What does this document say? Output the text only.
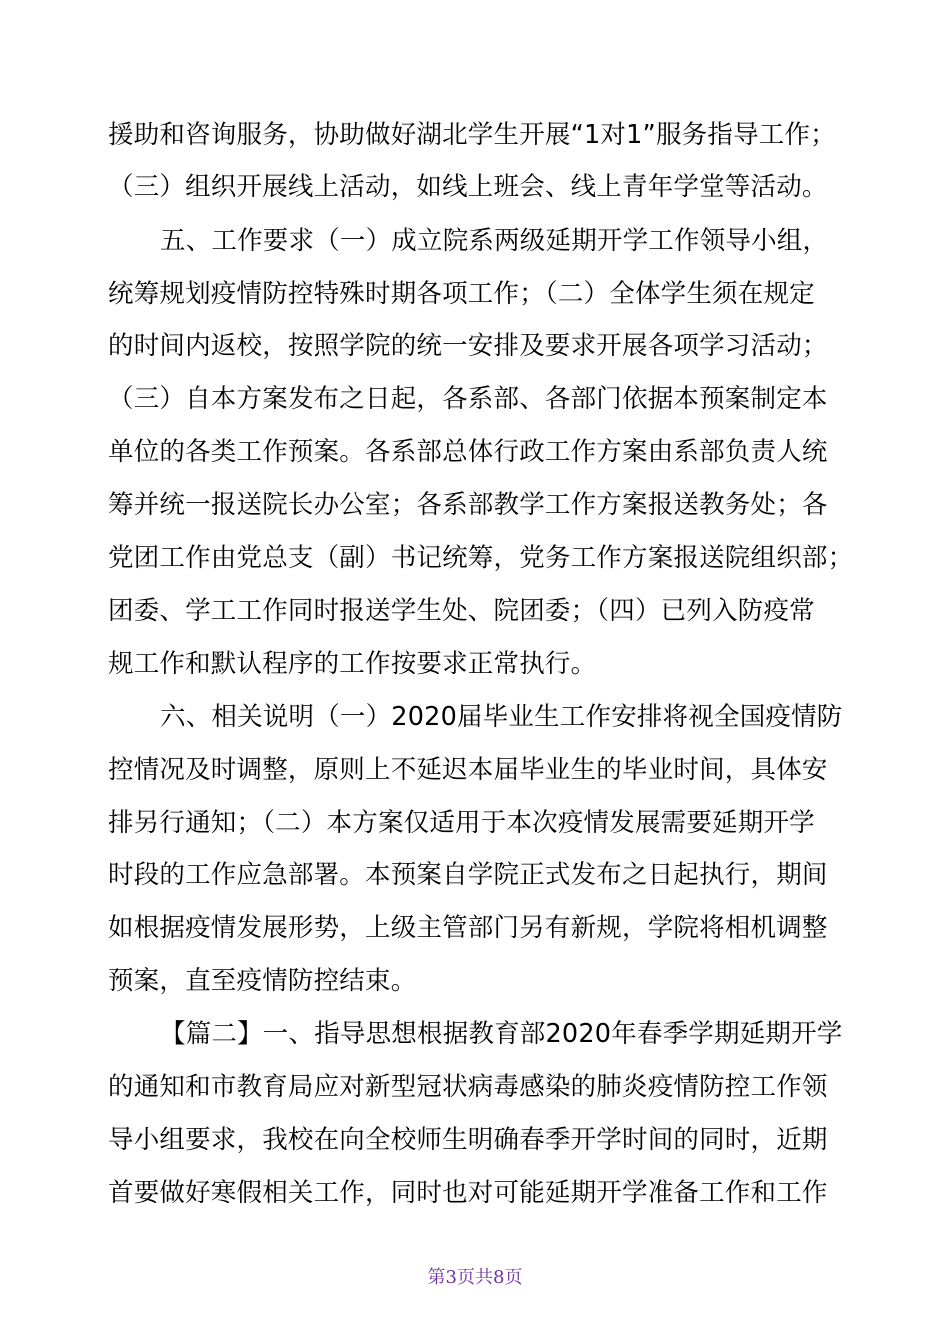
援助和咨询服务，协助做好湖北学生开展“1对1”服务指导工作；
（三）组织开展线上活动，如线上班会、线上青年学堂等活动。
五、工作要求（一）成立院系两级延期开学工作领导小组，
统筹规划疫情防控特殊时期各项工作；（二）全体学生须在规定
的时间内返校，按照学院的统一安排及要求开展各项学习活动；
（三）自本方案发布之日起，各系部、各部门依据本预案制定本
单位的各类工作预案。各系部总体行政工作方案由系部负责人统
筹并统一报送院长办公室；各系部教学工作方案报送教务处；各
党团工作由党总支（副）书记统筹，党务工作方案报送院组织部；
团委、学工工作同时报送学生处、院团委；（四）已列入防疫常
规工作和默认程序的工作按要求正常执行。
六、相关说明（一）2020届毕业生工作安排将视全国疫情防
控情况及时调整，原则上不延迟本届毕业生的毕业时间，具体安
排另行通知；（二）本方案仅适用于本次疫情发展需要延期开学
时段的工作应急部署。本预案自学院正式发布之日起执行，期间
如根据疫情发展形势，上级主管部门另有新规，学院将相机调整
预案，直至疫情防控结束。
【篇二】一、指导思想根据教育部2020年春季学期延期开学
的通知和市教育局应对新型冠状病毒感染的肺炎疫情防控工作领
导小组要求，我校在向全校师生明确春季开学时间的同时，近期
首要做好寒假相关工作，同时也对可能延期开学准备工作和工作
第3页共8页
